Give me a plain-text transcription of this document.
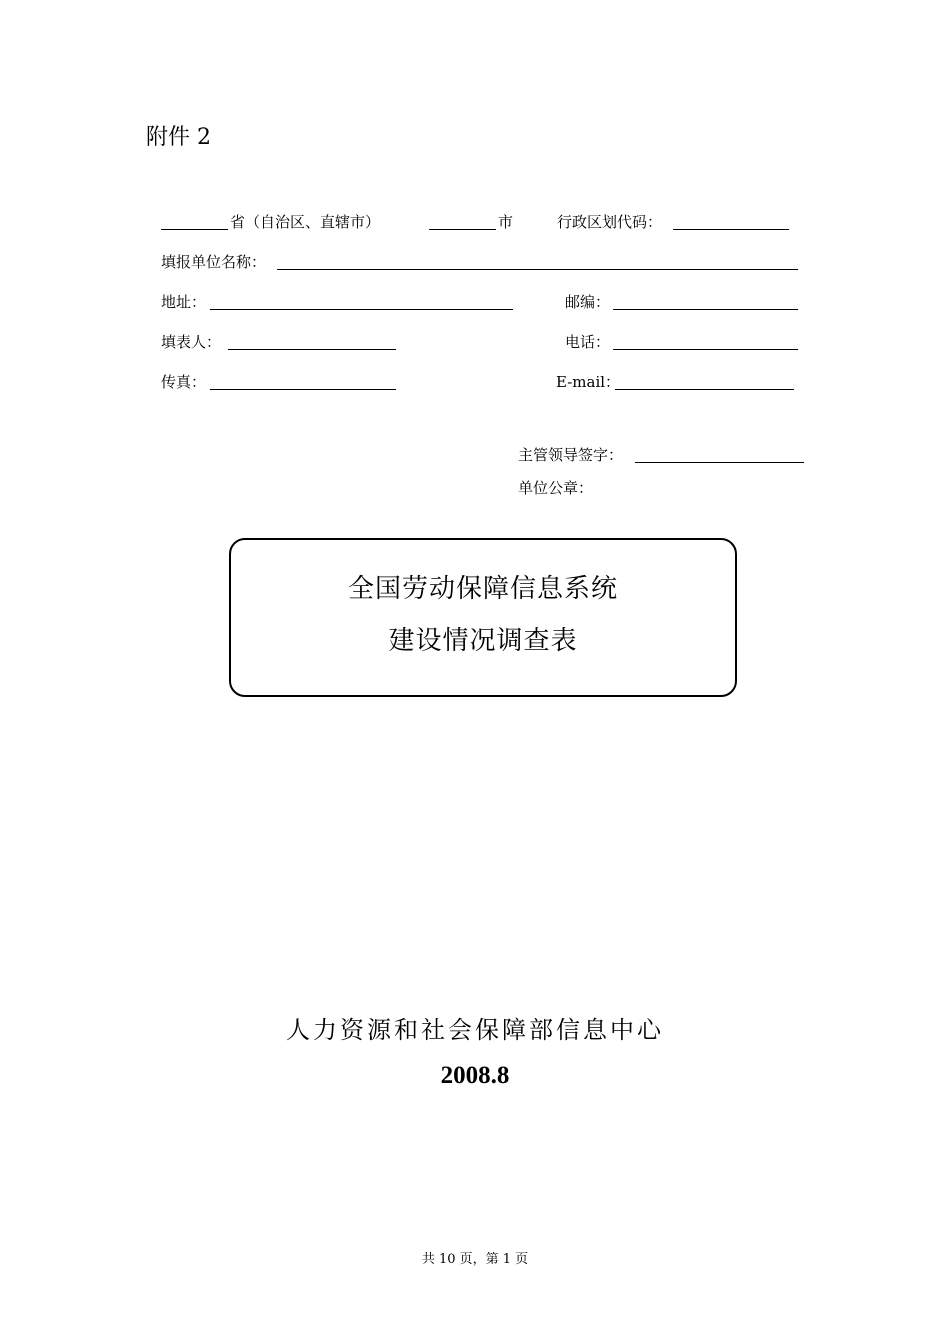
附件 2
省（自治区、直辖市）	市	行政区划代码：
填报单位名称：
地址：	邮编：
填表人：	电话：
传真：	E-mail：
主管领导签字：
单位公章：
全国劳动保障信息系统
建设情况调查表
人力资源和社会保障部信息中心
2008.8
共 10 页，第 1 页
